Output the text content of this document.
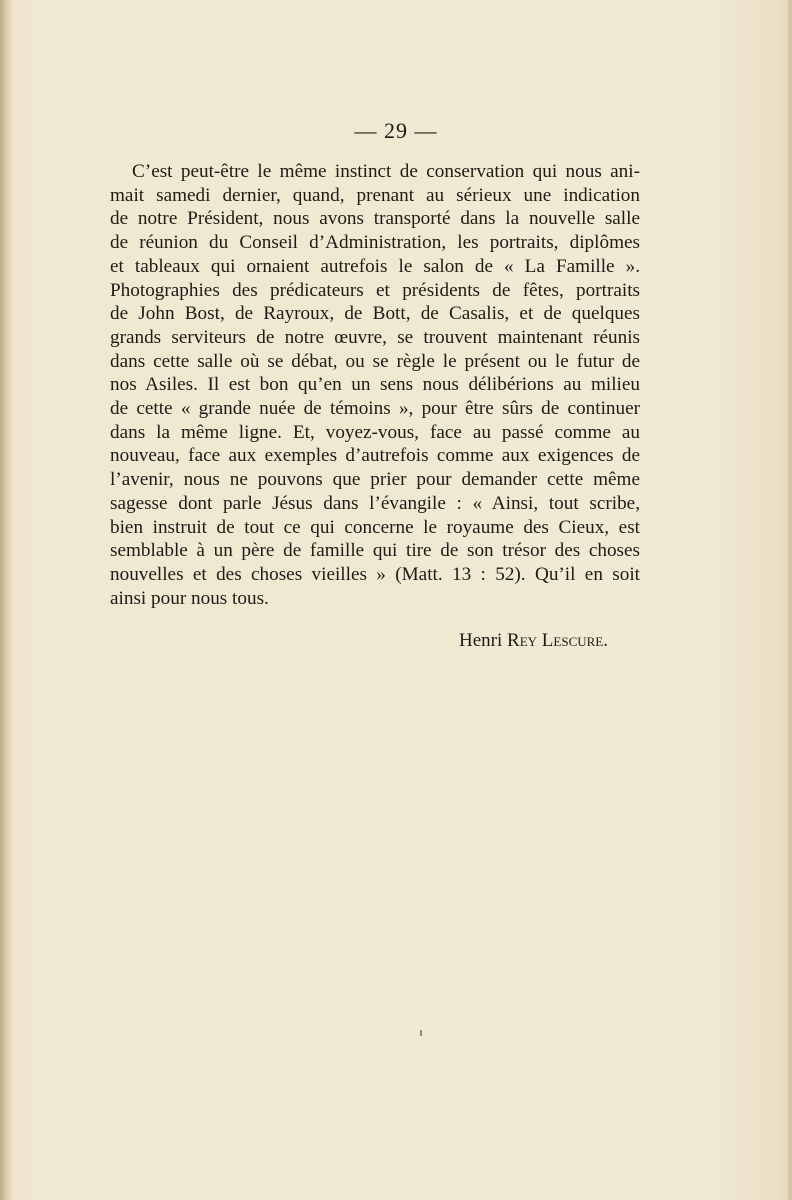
— 29 —
C’est peut-être le même instinct de conservation qui nous ani-
mait samedi dernier, quand, prenant au sérieux une indication
de notre Président, nous avons transporté dans la nouvelle salle
de réunion du Conseil d’Administration, les portraits, diplômes
et tableaux qui ornaient autrefois le salon de « La Famille ».
Photographies des prédicateurs et présidents de fêtes, portraits
de John Bost, de Rayroux, de Bott, de Casalis, et de quelques
grands serviteurs de notre œuvre, se trouvent maintenant réunis
dans cette salle où se débat, ou se règle le présent ou le futur de
nos Asiles. Il est bon qu’en un sens nous délibérions au milieu
de cette « grande nuée de témoins », pour être sûrs de continuer
dans la même ligne. Et, voyez-vous, face au passé comme au
nouveau, face aux exemples d’autrefois comme aux exigences de
l’avenir, nous ne pouvons que prier pour demander cette même
sagesse dont parle Jésus dans l’évangile : « Ainsi, tout scribe,
bien instruit de tout ce qui concerne le royaume des Cieux, est
semblable à un père de famille qui tire de son trésor des choses
nouvelles et des choses vieilles » (Matt. 13 : 52). Qu’il en soit
ainsi pour nous tous.
Henri Rey Lescure.
